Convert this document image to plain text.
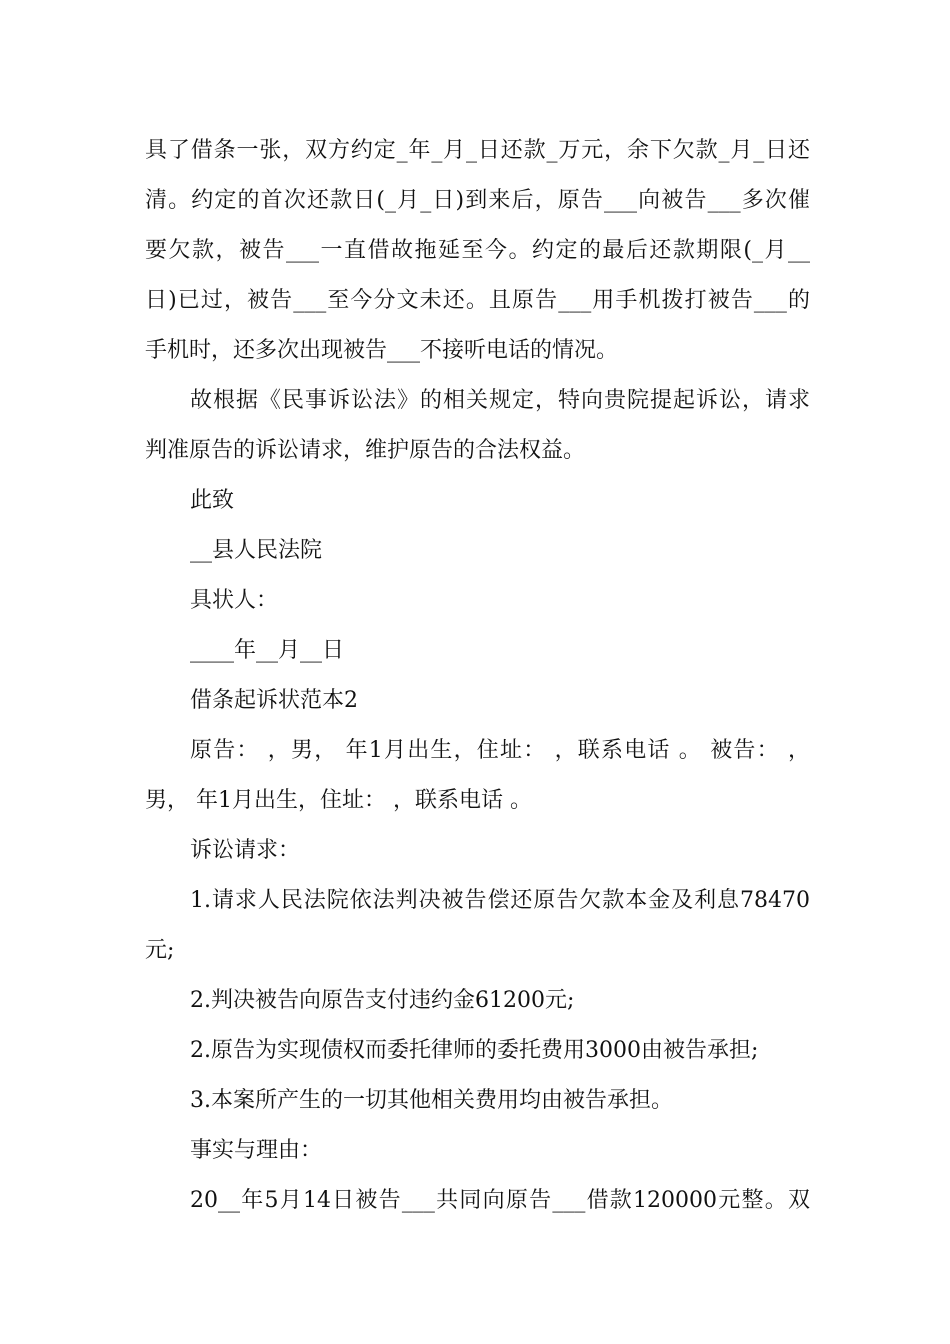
具了借条一张，双方约定_年_月_日还款_万元，余下欠款_月_日还
清。约定的首次还款日(_月_日)到来后，原告___向被告___多次催
要欠款，被告___一直借故拖延至今。约定的最后还款期限(_月__
日)已过，被告___至今分文未还。且原告___用手机拨打被告___的
手机时，还多次出现被告___不接听电话的情况。
故根据《民事诉讼法》的相关规定，特向贵院提起诉讼，请求
判准原告的诉讼请求，维护原告的合法权益。
此致
__县人民法院
具状人：
____年__月__日
借条起诉状范本2
原告： ，男， 年1月出生，住址： ，联系电话 。 被告： ，
男， 年1月出生，住址： ，联系电话 。
诉讼请求：
1.请求人民法院依法判决被告偿还原告欠款本金及利息78470
元;
2.判决被告向原告支付违约金61200元;
2.原告为实现债权而委托律师的委托费用3000由被告承担;
3.本案所产生的一切其他相关费用均由被告承担。
事实与理由：
20__年5月14日被告___共同向原告___借款120000元整。双
